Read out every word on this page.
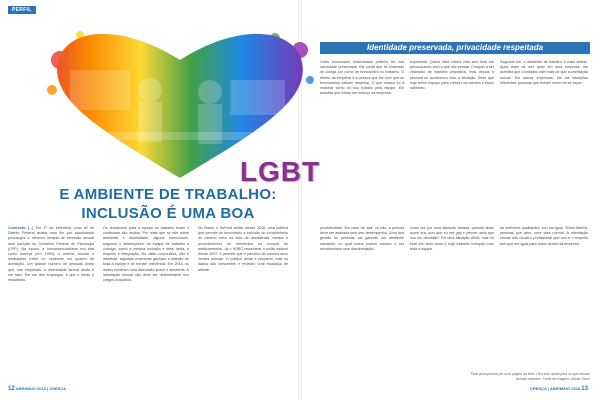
PERFIL

Comissão (...) Em 1º de setembro, uma lei do Distrito Federal acaba uma fim por autorizando psicólogos a oferecer terapia de reversão sexual sem punição do Conselho Federal de Psicologia (CFP). Na época, a homossexualidade era tida como doença (em 1990); o melhor mundo e instituições exibe no horizonte um quadro de aceitação. Um grande número de pessoas conta que, nas empresas, a diversidade sexual ainda é um tabu. Em um dos empregos, é que o medo é ressaltado.

Os obstáculos para a equipe no trabalho foram e continuam são muitos. Por mais que se fale sobre ambiente e diversidade, alguns mencionam, segundo o desempenho da equipe de trabalho e consigo, como a mesma inclusão é feita, lenta, e respeito e integração. Na visão corporativa, não é diferente: algumas empresas ganham a adesão de toda a equipe e se tornam referência. Em 2016, os dados mostram uma discussão sobre o ambiente. A orientação sexual não deve ser determinante dos cargos ocupados.

No Brasil, o DuPont adota, desde 2016, uma política que permite ao funcionário a inclusão do companheiro do mesmo sexo na lista de assistência médica e procedimentos de reembolso na compra de medicamentos. Já o HSBC reconhece a união estável desde 2007, e permite que o parceiro do mesmo sexo receba pensão. O público ainda é pequeno, mas os dados são crescentes e revelam uma mudança de atitude.

12 ABR/MAIO 2018 | CRESÇA

Outro funcionário entrevistado preferiu ter sua identidade preservada. Ele conta que foi chamado de colega por nome de brincadeira no trabalho. O diretor da empresa é a pessoa que faz com que os funcionários saibam respeitar. O que mudou foi a maneira como eu sou tratado pela equipe. Ele acredita que existe um esforço da empresa.

experiente. Quero viver minha vida sem ficar me preocupando com o que vão pensar. Cheguei a ser chamado de maneira pejorativa, mas depois o pessoal se acostumou com a situação. Sinto que hoje tenho espaço para crescer na carreira e estou satisfeito.

Segundo ele, o ambiente de trabalho é mais aberto. Após mais de dez anos em uma empresa, ele acredita que o trabalho vale mais do que a orientação sexual. Em outras empresas, ele via situações diferentes, pessoas que tinham medo de se expor.

produtividade. Em caso de 'sair' ou não, a pessoa deve ser avaliada pelo seu desempenho. Uma boa gestão de pessoas vai garantir um ambiente saudável, no qual todos podem crescer e ser reconhecidos sem discriminação.

vinca vez por uma situação dessas, quando disse quem era, ouvi que eu era gay e pensei: será que vou ser demitido? Foi uma situação difícil, mas no final deu tudo certo e hoje trabalho tranquilo com toda a equipe.

de melhores qualidades, sou um igual. Tenho família, pessoas que amo, uma vida normal. A orientação sexual não muda o profissional que sou e o respeito tem que ser igual para todos dentro da empresa.

CRESÇA | ABR/MAIO 2018 13
LGBT
E AMBIENTE DE TRABALHO:
INCLUSÃO É UMA BOA
Identidade preservada, privacidade respeitada
Para acompanhar por uma página da letra. Otra com ajuda para os que nossos demais relações. Fonte da imagem: Adobe Stock
